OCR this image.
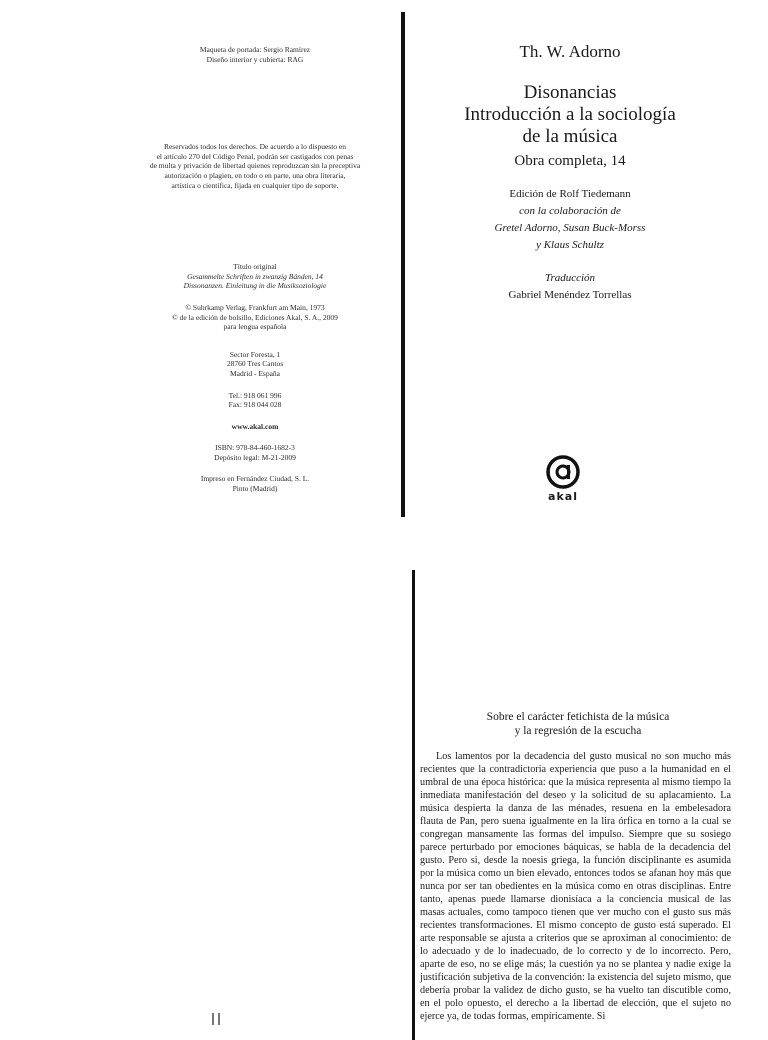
Maqueta de portada: Sergio Ramírez
Diseño interior y cubierta: RAG
Reservados todos los derechos. De acuerdo a lo dispuesto en
el artículo 270 del Código Penal, podrán ser castigados con penas
de multa y privación de libertad quienes reproduzcan sin la preceptiva
autorización o plagien, en todo o en parte, una obra literaria,
artística o científica, fijada en cualquier tipo de soporte.
Título original
Gesammelte Schriften in zwanzig Bänden, 14
Dissonanzen. Einleitung in die Musiksoziologie
© Suhrkamp Verlag, Frankfurt am Main, 1973
© de la edición de bolsillo, Ediciones Akal, S. A., 2009
para lengua española
Sector Foresta, 1
28760 Tres Cantos
Madrid - España
Tel.: 918 061 996
Fax: 918 044 028
www.akal.com
ISBN: 978-84-460-1682-3
Depósito legal: M-21-2009
Impreso en Fernández Ciudad, S. L.
Pinto (Madrid)
Th. W. Adorno
Disonancias
Introducción a la sociología
de la música
Obra completa, 14
Edición de Rolf Tiedemann
con la colaboración de
Gretel Adorno, Susan Buck-Morss
y Klaus Schultz
Traducción
Gabriel Menéndez Torrellas
akal
Sobre el carácter fetichista de la música
y la regresión de la escucha

Los lamentos por la decadencia del gusto musical no son mucho más recientes que la contradictoria experiencia que puso a la humanidad en el umbral de una época histórica: que la música representa al mismo tiempo la inmediata manifestación del deseo y la solicitud de su aplacamiento. La música despierta la danza de las ménades, resuena en la embelesadora flauta de Pan, pero suena igualmente en la lira órfica en torno a la cual se congregan mansamente las formas del impulso. Siempre que su sosiego parece perturbado por emociones báquicas, se habla de la decadencia del gusto. Pero si, desde la noesis griega, la función disciplinante es asumida por la música como un bien elevado, entonces todos se afanan hoy más que nunca por ser tan obedientes en la música como en otras disciplinas. Entre tanto, apenas puede llamarse dionisíaca a la conciencia musical de las masas actuales, como tampoco tienen que ver mucho con el gusto sus más recientes transformaciones. El mismo concepto de gusto está superado. El arte responsable se ajusta a criterios que se aproximan al conocimiento: de lo adecuado y de lo inadecuado, de lo correcto y de lo incorrecto. Pero, aparte de eso, no se elige más; la cuestión ya no se plantea y nadie exige la justificación subjetiva de la convención: la existencia del sujeto mismo, que debería probar la validez de dicho gusto, se ha vuelto tan discutible como, en el polo opuesto, el derecho a la libertad de elección, que el sujeto no ejerce ya, de todas formas, empíricamente. Si
